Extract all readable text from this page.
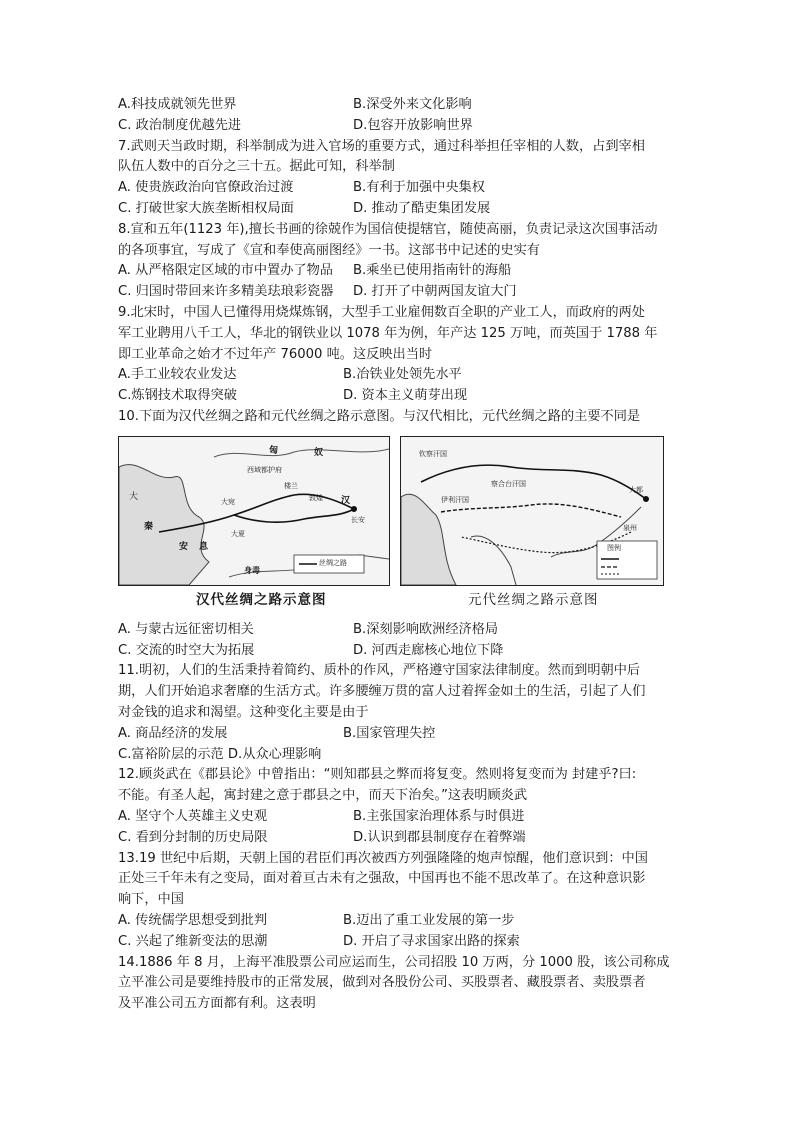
A.科技成就领先世界	B.深受外来文化影响
C. 政治制度优越先进	D.包容开放影响世界
7.武则天当政时期，科举制成为进入官场的重要方式，通过科举担任宰相的人数，占到宰相
队伍人数中的百分之三十五。据此可知，科举制
A. 使贵族政治向官僚政治过渡	B.有利于加强中央集权
C. 打破世家大族垄断相权局面	D. 推动了酷吏集团发展
8.宣和五年(1123 年),擅长书画的徐兢作为国信使提辖官，随使高丽，负责记录这次国事活动
的各项事宜，写成了《宣和奉使高丽图经》一书。这部书中记述的史实有
A. 从严格限定区域的市中置办了物品 B.乘坐已使用指南针的海船
C. 归国时带回来许多精美珐琅彩瓷器 D. 打开了中朝两国友谊大门
9.北宋时，中国人已懂得用烧煤炼钢，大型手工业雇佣数百全职的产业工人，而政府的两处
军工业聘用八千工人，华北的钢铁业以 1078 年为例，年产达 125 万吨，而英国于 1788 年
即工业革命之始才不过年产 76000 吨。这反映出当时
A.手工业较农业发达	B.冶铁业处领先水平
C.炼钢技术取得突破	D. 资本主义萌芽出现
10.下面为汉代丝绸之路和元代丝绸之路示意图。与汉代相比，元代丝绸之路的主要不同是
匈	奴
大
秦
安 息
西域都护府
大宛
大夏
楼兰
敦煌
长安
汉
身毒
丝绸之路
钦察汗国
察合台汗国
伊利汗国
大都
泉州
图例
汉代丝绸之路示意图	元代丝绸之路示意图
A. 与蒙古远征密切相关	B.深刻影响欧洲经济格局
C. 交流的时空大为拓展	D. 河西走廊核心地位下降
11.明初，人们的生活秉持着简约、质朴的作风，严格遵守国家法律制度。然而到明朝中后
期，人们开始追求奢靡的生活方式。许多腰缠万贯的富人过着挥金如土的生活，引起了人们
对金钱的追求和渴望。这种变化主要是由于
A. 商品经济的发展	B.国家管理失控
C.富裕阶层的示范 D.从众心理影响
12.顾炎武在《郡县论》中曾指出：“则知郡县之弊而将复变。然则将复变而为 封建乎?曰:
不能。有圣人起，寓封建之意于郡县之中，而天下治矣。”这表明顾炎武
A. 坚守个人英雄主义史观	B.主张国家治理体系与时俱进
C. 看到分封制的历史局限	D.认识到郡县制度存在着弊端
13.19 世纪中后期，天朝上国的君臣们再次被西方列强隆隆的炮声惊醒，他们意识到：中国
正处三千年未有之变局，面对着亘古未有之强敌，中国再也不能不思改革了。在这种意识影
响下，中国
A. 传统儒学思想受到批判	B.迈出了重工业发展的第一步
C. 兴起了维新变法的思潮	D. 开启了寻求国家出路的探索
14.1886 年 8 月，上海平准股票公司应运而生，公司招股 10 万两，分 1000 股，该公司称成
立平准公司是要维持股市的正常发展，做到对各股份公司、买股票者、藏股票者、卖股票者
及平准公司五方面都有利。这表明
